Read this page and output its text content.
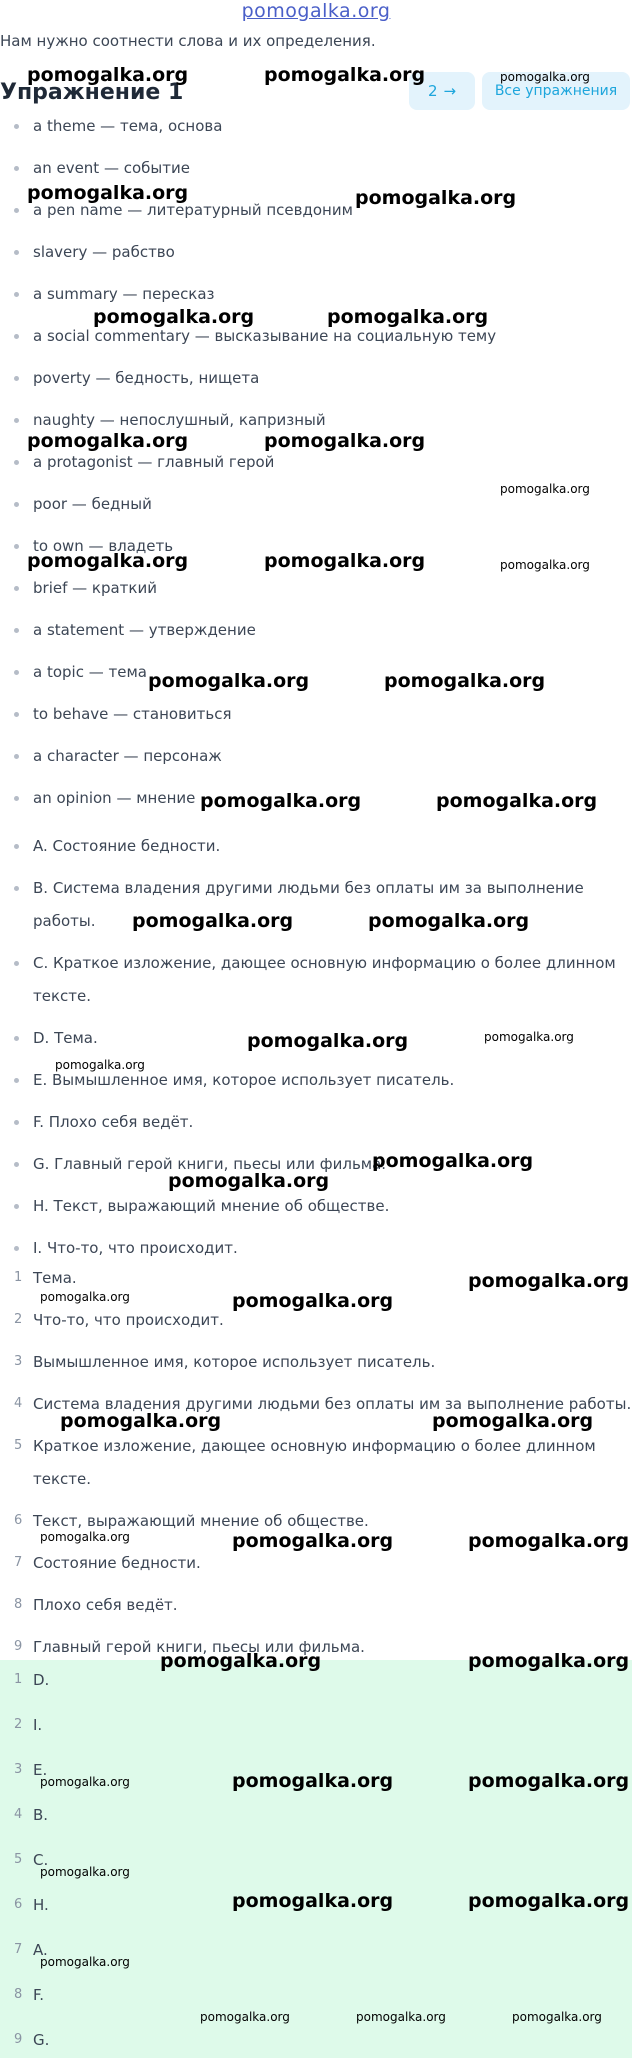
pomogalka.org
Нам нужно соотнести слова и их определения.
Упражнение 1	2 →	Все упражнения
a theme — тема, основа
an event — событие
a pen name — литературный псевдоним
slavery — рабство
a summary — пересказ
a social commentary — высказывание на социальную тему
poverty — бедность, нищета
naughty — непослушный, капризный
a protagonist — главный герой
poor — бедный
to own — владеть
brief — краткий
a statement — утверждение
a topic — тема
to behave — становиться
a character — персонаж
an opinion — мнение
A. Состояние бедности.
B. Система владения другими людьми без оплаты им за выполнение
работы.
C. Краткое изложение, дающее основную информацию о более длинном
тексте.
D. Тема.
E. Вымышленное имя, которое использует писатель.
F. Плохо себя ведёт.
G. Главный герой книги, пьесы или фильма.
H. Текст, выражающий мнение об обществе.
I. Что-то, что происходит.
1 Тема.
2 Что-то, что происходит.
3 Вымышленное имя, которое использует писатель.
4 Система владения другими людьми без оплаты им за выполнение работы.
5 Краткое изложение, дающее основную информацию о более длинном
тексте.
6 Текст, выражающий мнение об обществе.
7 Состояние бедности.
8 Плохо себя ведёт.
9 Главный герой книги, пьесы или фильма.
1 D.
2 I.
3 E.
4 B.
5 C.
6 H.
7 A.
8 F.
9 G.
pomogalka.org	pomogalka.org	pomogalka.org
pomogalka.org	pomogalka.org
pomogalka.org	pomogalka.org
pomogalka.org	pomogalka.org
pomogalka.org
pomogalka.org	pomogalka.org	pomogalka.org
pomogalka.org	pomogalka.org
pomogalka.org	pomogalka.org
pomogalka.org	pomogalka.org
pomogalka.org	pomogalka.org
pomogalka.org
pomogalka.org
pomogalka.org
pomogalka.org
pomogalka.org	pomogalka.org
pomogalka.org	pomogalka.org
pomogalka.org	pomogalka.org	pomogalka.org
pomogalka.org	pomogalka.org
pomogalka.org	pomogalka.org	pomogalka.org
pomogalka.org
pomogalka.org	pomogalka.org
pomogalka.org
pomogalka.org	pomogalka.org	pomogalka.org
